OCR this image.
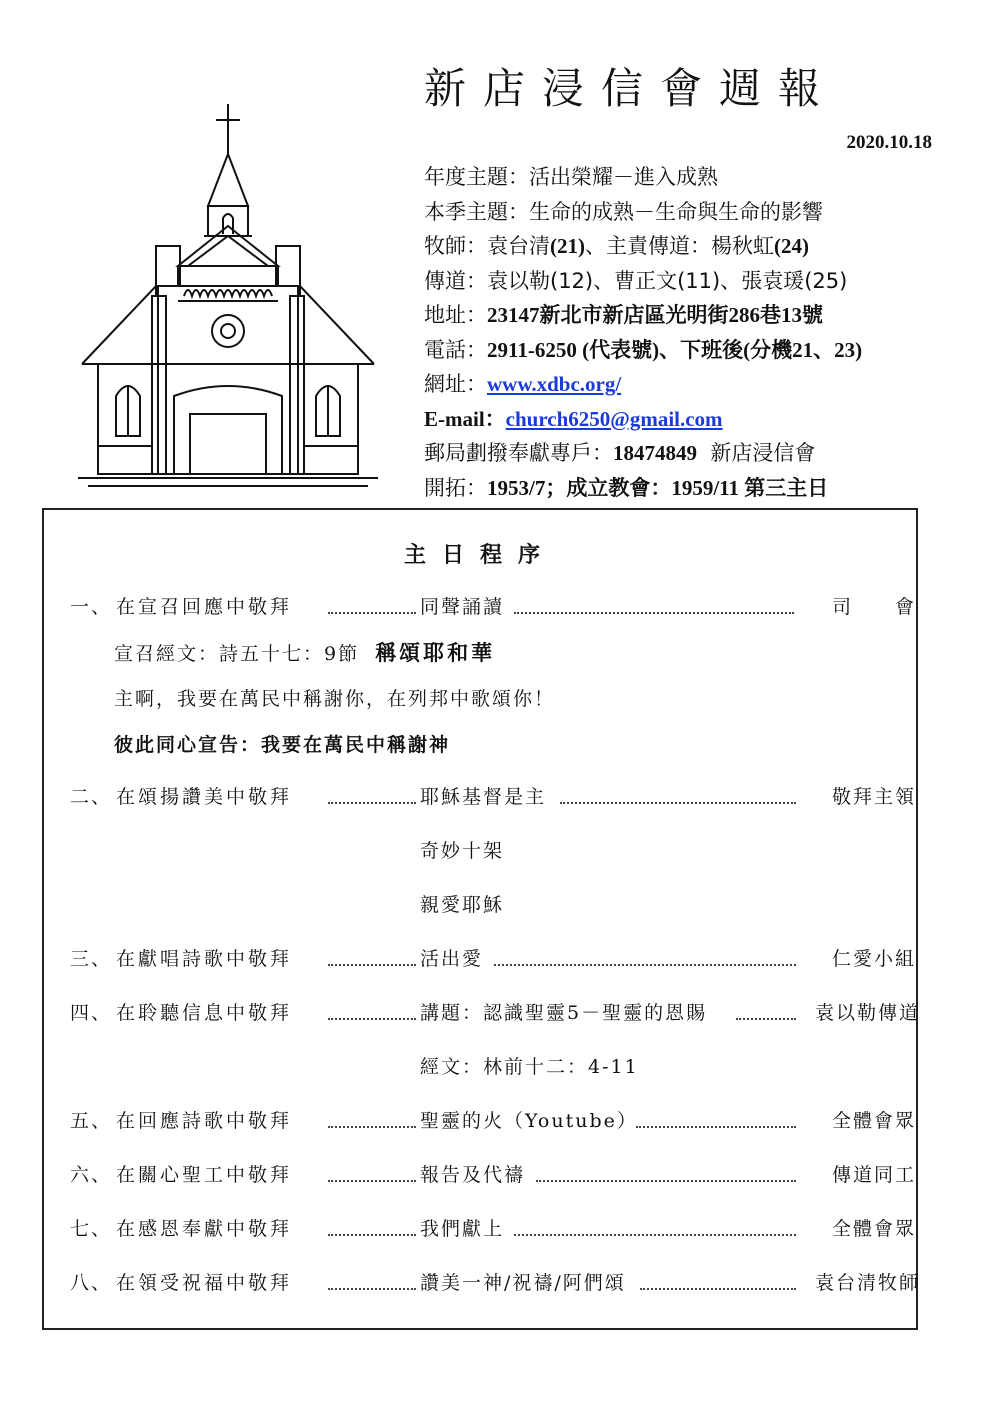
新店浸信會週報
2020.10.18
年度主題：活出榮耀－進入成熟
本季主題：生命的成熟－生命與生命的影響
牧師：袁台清(21)、主責傳道：楊秋虹(24)
傳道：袁以勒(12)、曹正文(11)、張袁瑗(25)
地址：23147新北市新店區光明街286巷13號
電話：2911-6250 (代表號)、下班後(分機21、23)
網址：www.xdbc.org/
E-mail：church6250@gmail.com
郵局劃撥奉獻專戶：18474849 新店浸信會
開拓：1953/7；成立教會：1959/11 第三主日
主日程序
一、 在宣召回應中敬拜	同聲誦讀	司　　會
宣召經文：詩五十七：9節 稱頌耶和華
主啊，我要在萬民中稱謝你，在列邦中歌頌你！
彼此同心宣告：我要在萬民中稱謝神
二、 在頌揚讚美中敬拜	耶穌基督是主	敬拜主領
奇妙十架
親愛耶穌
三、 在獻唱詩歌中敬拜	活出愛	仁愛小組
四、 在聆聽信息中敬拜	講題：認識聖靈5－聖靈的恩賜	袁以勒傳道
經文：林前十二：4-11
五、 在回應詩歌中敬拜	聖靈的火（Youtube）	全體會眾
六、 在關心聖工中敬拜	報告及代禱	傳道同工
七、 在感恩奉獻中敬拜	我們獻上	全體會眾
八、 在領受祝福中敬拜	讚美一神/祝禱/阿們頌	袁台清牧師
